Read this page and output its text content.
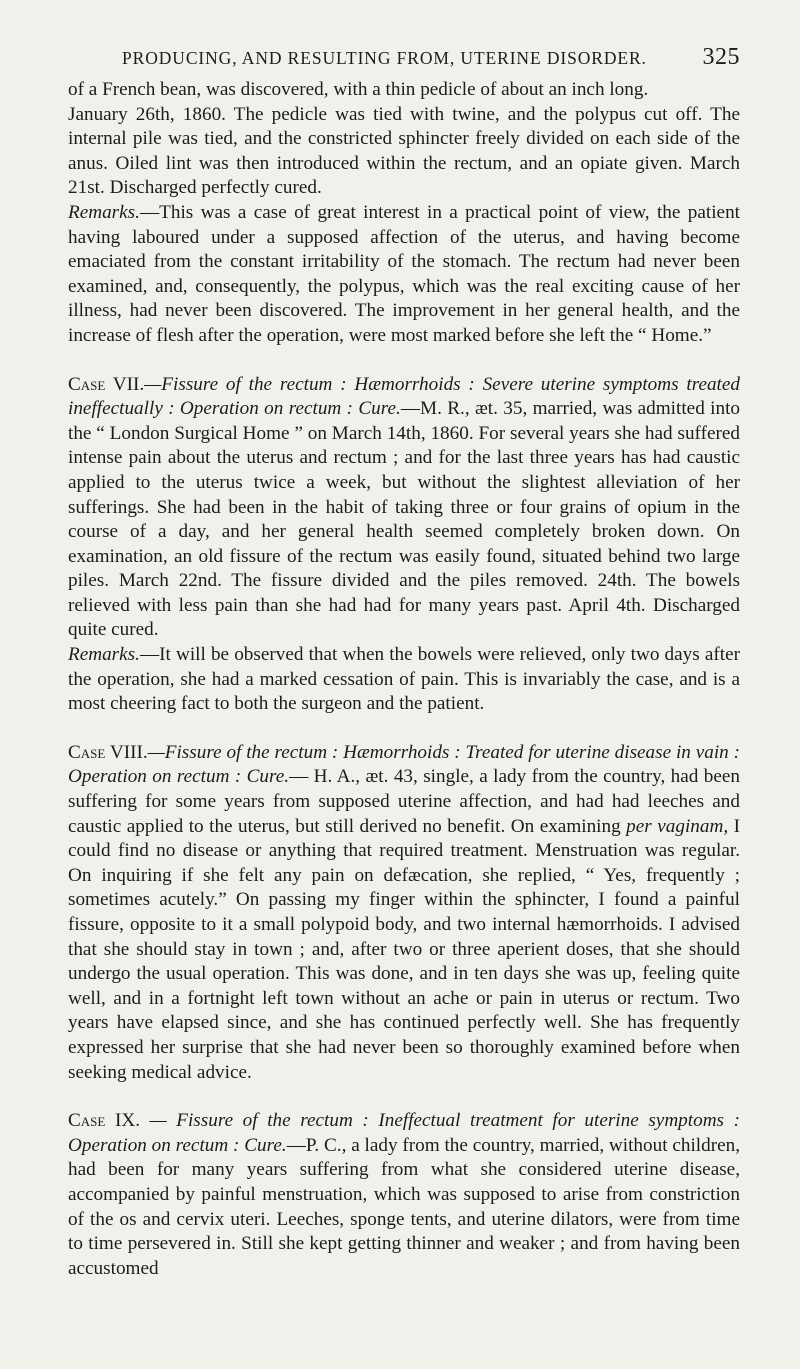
PRODUCING, AND RESULTING FROM, UTERINE DISORDER. 325

of a French bean, was discovered, with a thin pedicle of about an inch long.

January 26th, 1860. The pedicle was tied with twine, and the polypus cut off. The internal pile was tied, and the constricted sphincter freely divided on each side of the anus. Oiled lint was then introduced within the rectum, and an opiate given. March 21st. Discharged perfectly cured.

Remarks.—This was a case of great interest in a practical point of view, the patient having laboured under a supposed affection of the uterus, and having become emaciated from the constant irritability of the stomach. The rectum had never been examined, and, consequently, the polypus, which was the real exciting cause of her illness, had never been discovered. The improvement in her general health, and the increase of flesh after the operation, were most marked before she left the “ Home.”

Case VII.—Fissure of the rectum : Hæmorrhoids : Severe uterine symptoms treated ineffectually : Operation on rectum : Cure.—M. R., æt. 35, married, was admitted into the “ London Surgical Home ” on March 14th, 1860. For several years she had suffered intense pain about the uterus and rectum ; and for the last three years has had caustic applied to the uterus twice a week, but without the slightest alleviation of her sufferings. She had been in the habit of taking three or four grains of opium in the course of a day, and her general health seemed completely broken down. On examination, an old fissure of the rectum was easily found, situated behind two large piles. March 22nd. The fissure divided and the piles removed. 24th. The bowels relieved with less pain than she had had for many years past. April 4th. Discharged quite cured.

Remarks.—It will be observed that when the bowels were relieved, only two days after the operation, she had a marked cessation of pain. This is invariably the case, and is a most cheering fact to both the surgeon and the patient.

Case VIII.—Fissure of the rectum : Hæmorrhoids : Treated for uterine disease in vain : Operation on rectum : Cure.— H. A., æt. 43, single, a lady from the country, had been suffering for some years from supposed uterine affection, and had had leeches and caustic applied to the uterus, but still derived no benefit. On examining per vaginam, I could find no disease or anything that required treatment. Menstruation was regular. On inquiring if she felt any pain on defæcation, she replied, “ Yes, frequently ; sometimes acutely.” On passing my finger within the sphincter, I found a painful fissure, opposite to it a small polypoid body, and two internal hæmorrhoids. I advised that she should stay in town ; and, after two or three aperient doses, that she should undergo the usual operation. This was done, and in ten days she was up, feeling quite well, and in a fortnight left town without an ache or pain in uterus or rectum. Two years have elapsed since, and she has continued perfectly well. She has frequently expressed her surprise that she had never been so thoroughly examined before when seeking medical advice.

Case IX. — Fissure of the rectum : Ineffectual treatment for uterine symptoms : Operation on rectum : Cure.—P. C., a lady from the country, married, without children, had been for many years suffering from what she considered uterine disease, accompanied by painful menstruation, which was supposed to arise from constriction of the os and cervix uteri. Leeches, sponge tents, and uterine dilators, were from time to time persevered in. Still she kept getting thinner and weaker ; and from having been accustomed
